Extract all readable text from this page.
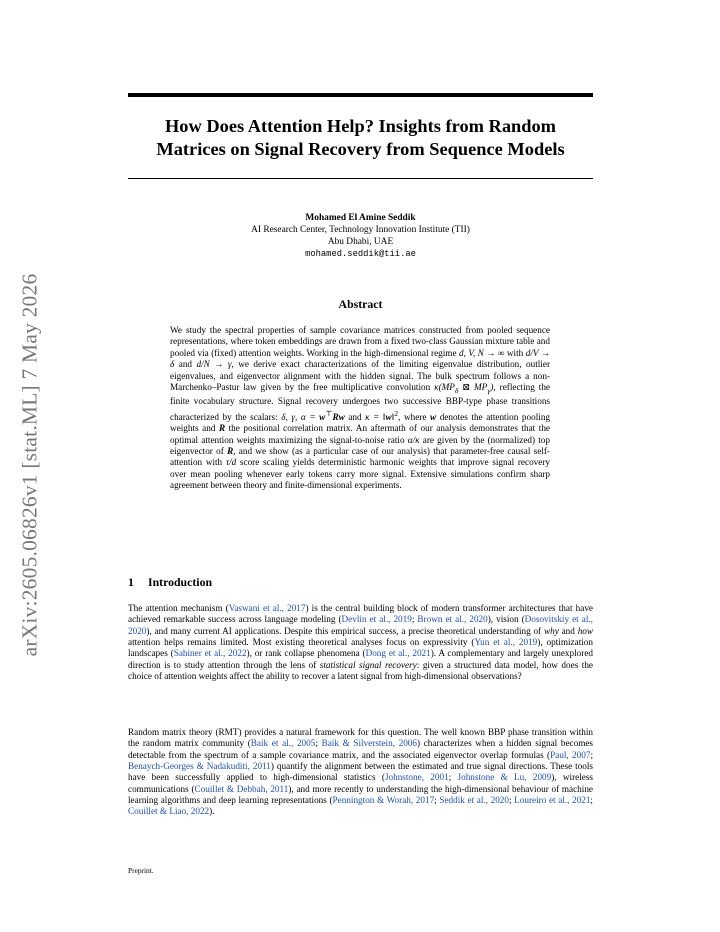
arXiv:2605.06826v1 [stat.ML] 7 May 2026
How Does Attention Help? Insights from Random
Matrices on Signal Recovery from Sequence Models
Mohamed El Amine Seddik
AI Research Center, Technology Innovation Institute (TII)
Abu Dhabi, UAE
mohamed.seddik@tii.ae
Abstract
We study the spectral properties of sample covariance matrices constructed from pooled sequence representations, where token embeddings are drawn from a fixed two-class Gaussian mixture table and pooled via (fixed) attention weights. Working in the high-dimensional regime d, V, N → ∞ with d/V → δ and d/N → γ, we derive exact characterizations of the limiting eigenvalue distribution, outlier eigenvalues, and eigenvector alignment with the hidden signal. The bulk spectrum follows a non-Marchenko–Pastur law given by the free multiplicative convolution $\kappa(MP_\delta$ ⊠ $MP_\gamma$), reflecting the finite vocabulary structure. Signal recovery undergoes two successive BBP-type phase transitions characterized by the scalars: δ, γ, α = w⊤Rw and κ = ‖w‖$^2$, where w denotes the attention pooling weights and R the positional correlation matrix. An aftermath of our analysis demonstrates that the optimal attention weights maximizing the signal-to-noise ratio α/κ are given by the (normalized) top eigenvector of R, and we show (as a particular case of our analysis) that parameter-free causal self-attention with τ/d score scaling yields deterministic harmonic weights that improve signal recovery over mean pooling whenever early tokens carry more signal. Extensive simulations confirm sharp agreement between theory and finite-dimensional experiments.
1 Introduction
The attention mechanism (Vaswani et al., 2017) is the central building block of modern transformer architectures that have achieved remarkable success across language modeling (Devlin et al., 2019; Brown et al., 2020), vision (Dosovitskiy et al., 2020), and many current AI applications. Despite this empirical success, a precise theoretical understanding of why and how attention helps remains limited. Most existing theoretical analyses focus on expressivity (Yun et al., 2019), optimization landscapes (Sahiner et al., 2022), or rank collapse phenomena (Dong et al., 2021). A complementary and largely unexplored direction is to study attention through the lens of statistical signal recovery: given a structured data model, how does the choice of attention weights affect the ability to recover a latent signal from high-dimensional observations?
Random matrix theory (RMT) provides a natural framework for this question. The well known BBP phase transition within the random matrix community (Baik et al., 2005; Baik & Silverstein, 2006) characterizes when a hidden signal becomes detectable from the spectrum of a sample covariance matrix, and the associated eigenvector overlap formulas (Paul, 2007; Benaych-Georges & Nadakuditi, 2011) quantify the alignment between the estimated and true signal directions. These tools have been successfully applied to high-dimensional statistics (Johnstone, 2001; Johnstone & Lu, 2009), wireless communications (Couillet & Debbah, 2011), and more recently to understanding the high-dimensional behaviour of machine learning algorithms and deep learning representations (Pennington & Worah, 2017; Seddik et al., 2020; Loureiro et al., 2021; Couillet & Liao, 2022).
Preprint.
